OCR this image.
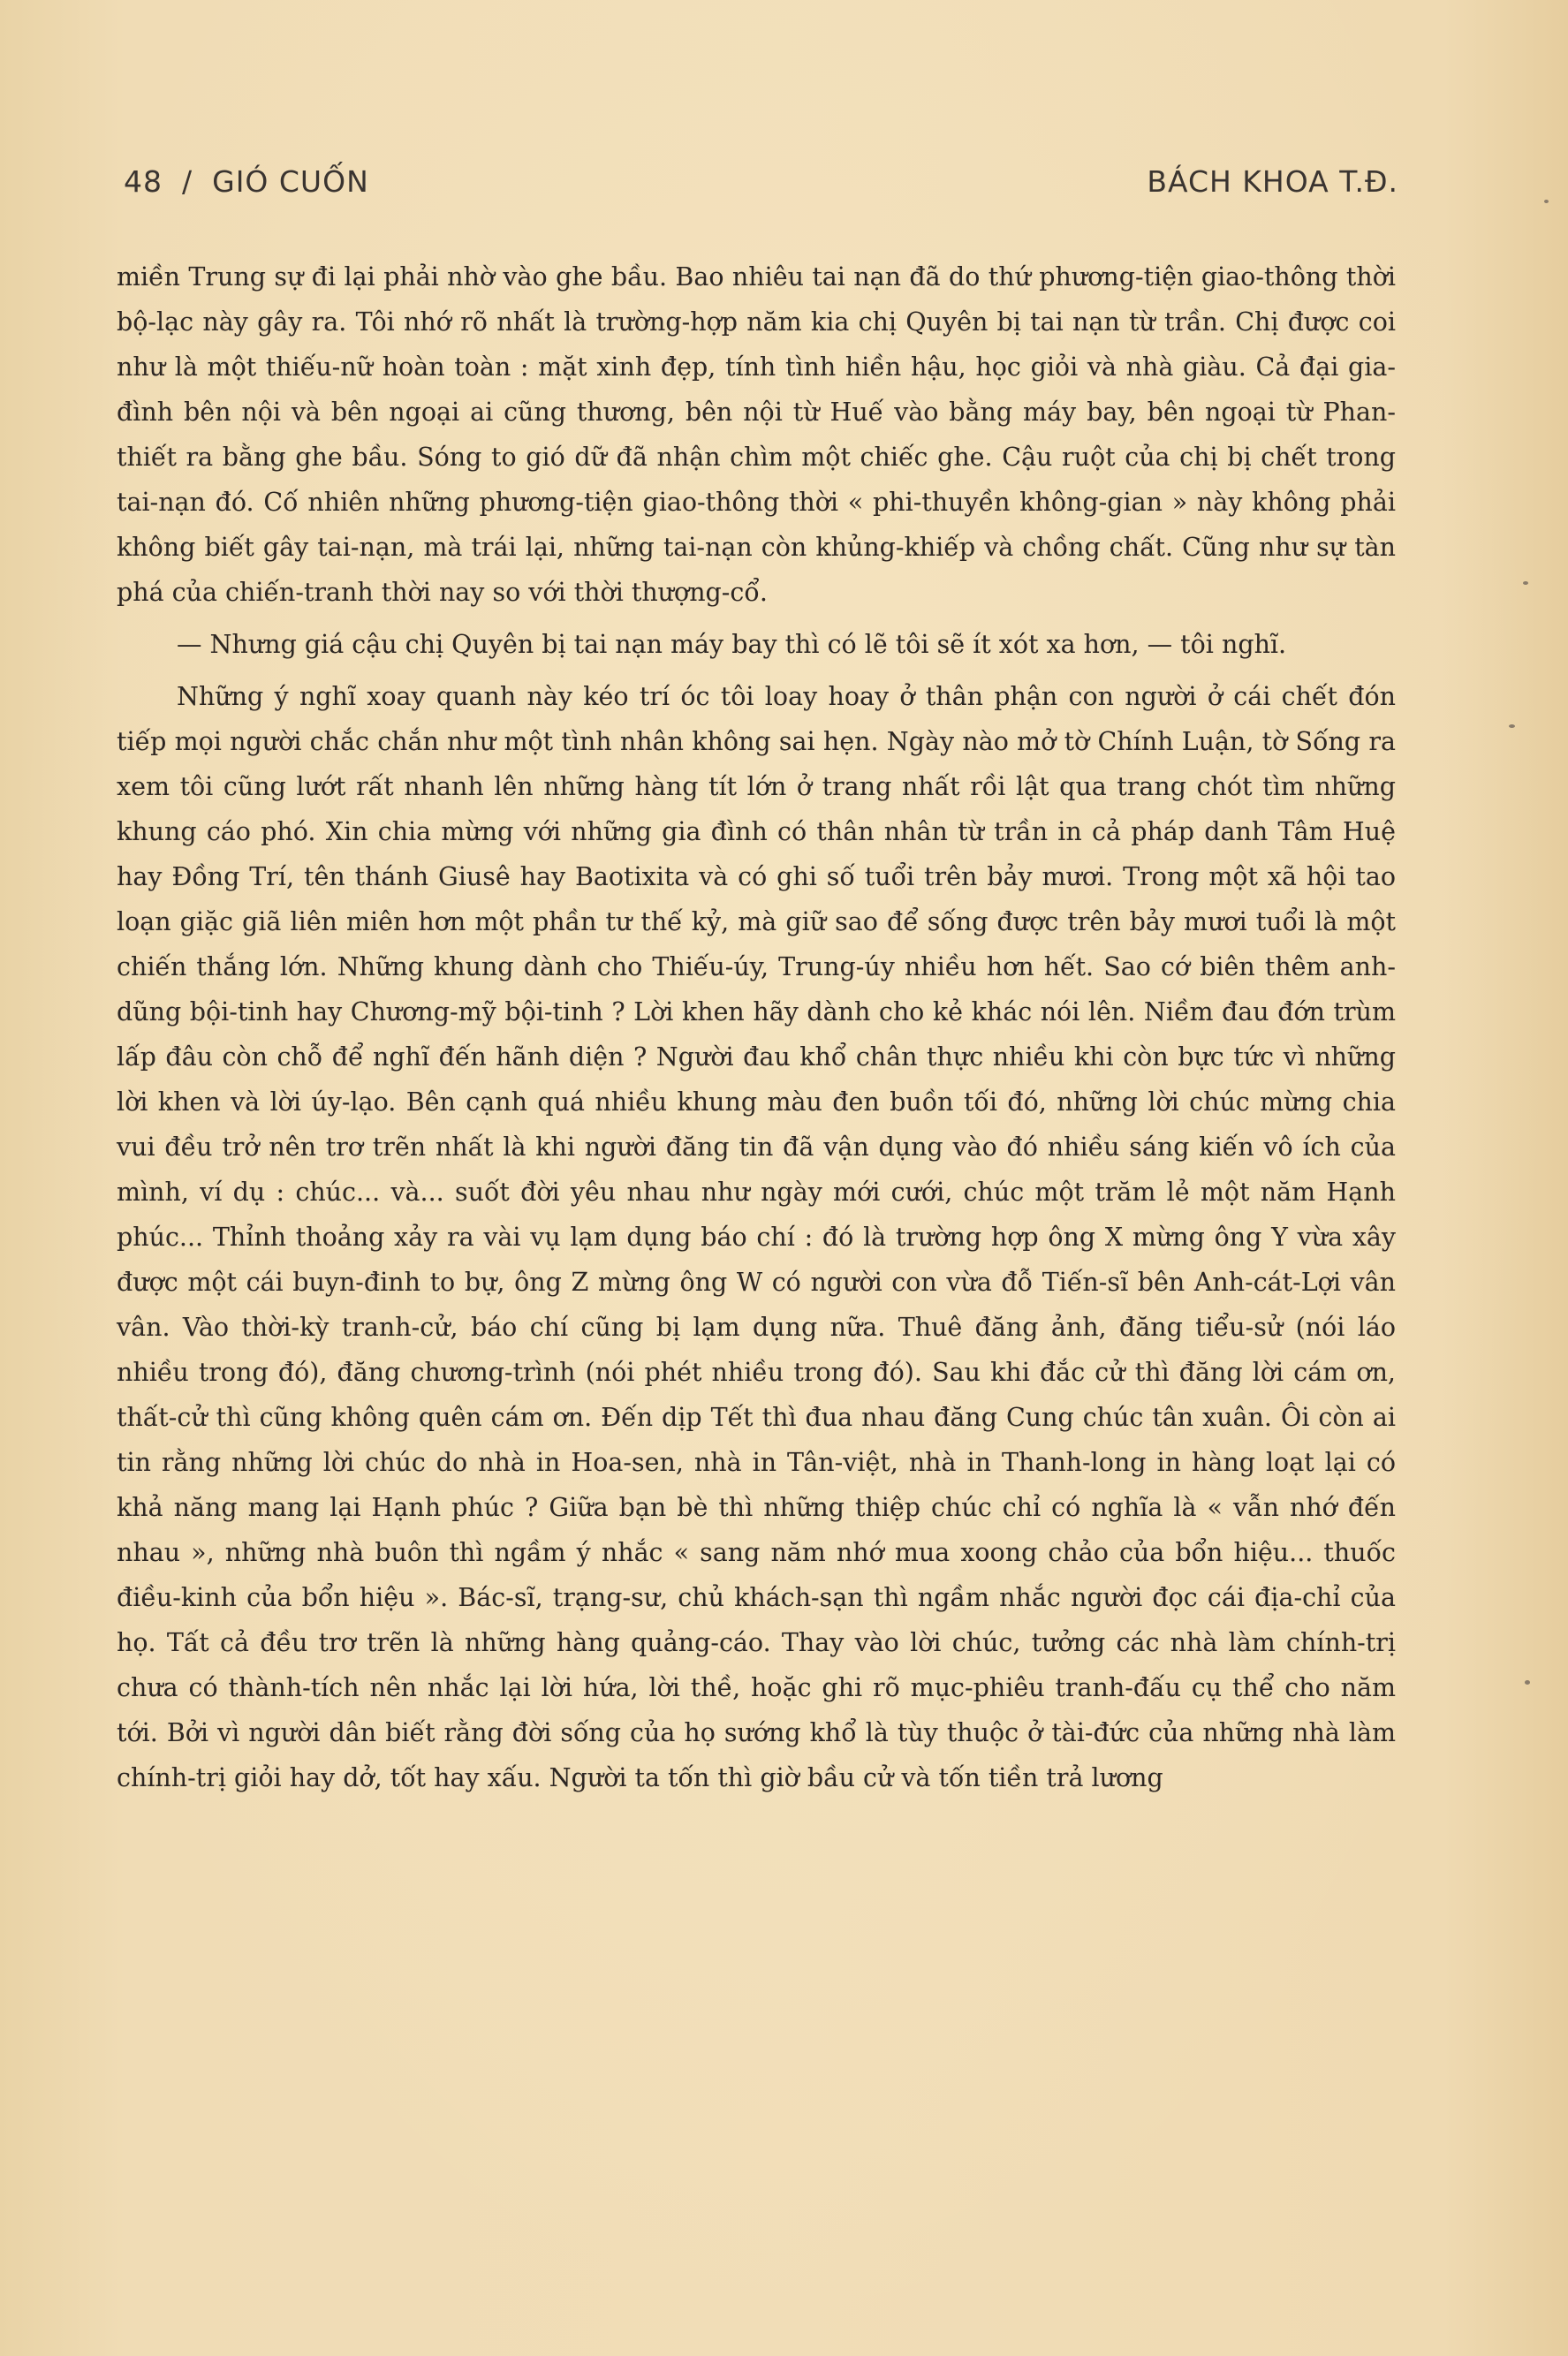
48 / GIÓ CUỐN	BÁCH KHOA T.Đ.

miền Trung sự đi lại phải nhờ vào ghe bầu. Bao nhiêu tai nạn đã do thứ phương-tiện giao-thông thời bộ-lạc này gây ra. Tôi nhớ rõ nhất là trường-hợp năm kia chị Quyên bị tai nạn từ trần. Chị được coi như là một thiếu-nữ hoàn toàn : mặt xinh đẹp, tính tình hiền hậu, học giỏi và nhà giàu. Cả đại gia-đình bên nội và bên ngoại ai cũng thương, bên nội từ Huế vào bằng máy bay, bên ngoại từ Phan-thiết ra bằng ghe bầu. Sóng to gió dữ đã nhận chìm một chiếc ghe. Cậu ruột của chị bị chết trong tai-nạn đó. Cố nhiên những phương-tiện giao-thông thời « phi-thuyền không-gian » này không phải không biết gây tai-nạn, mà trái lại, những tai-nạn còn khủng-khiếp và chồng chất. Cũng như sự tàn phá của chiến-tranh thời nay so với thời thượng-cổ.

— Nhưng giá cậu chị Quyên bị tai nạn máy bay thì có lẽ tôi sẽ ít xót xa hơn, — tôi nghĩ.

Những ý nghĩ xoay quanh này kéo trí óc tôi loay hoay ở thân phận con người ở cái chết đón tiếp mọi người chắc chắn như một tình nhân không sai hẹn. Ngày nào mở tờ Chính Luận, tờ Sống ra xem tôi cũng lướt rất nhanh lên những hàng tít lớn ở trang nhất rồi lật qua trang chót tìm những khung cáo phó. Xin chia mừng với những gia đình có thân nhân từ trần in cả pháp danh Tâm Huệ hay Đồng Trí, tên thánh Giusê hay Baotixita và có ghi số tuổi trên bảy mươi. Trong một xã hội tao loạn giặc giã liên miên hơn một phần tư thế kỷ, mà giữ sao để sống được trên bảy mươi tuổi là một chiến thắng lớn. Những khung dành cho Thiếu-úy, Trung-úy nhiều hơn hết. Sao cớ biên thêm anh-dũng bội-tinh hay Chương-mỹ bội-tinh ? Lời khen hãy dành cho kẻ khác nói lên. Niềm đau đớn trùm lấp đâu còn chỗ để nghĩ đến hãnh diện ? Người đau khổ chân thực nhiều khi còn bực tức vì những lời khen và lời úy-lạo. Bên cạnh quá nhiều khung màu đen buồn tối đó, những lời chúc mừng chia vui đều trở nên trơ trẽn nhất là khi người đăng tin đã vận dụng vào đó nhiều sáng kiến vô ích của mình, ví dụ : chúc... và... suốt đời yêu nhau như ngày mới cưới, chúc một trăm lẻ một năm Hạnh phúc... Thỉnh thoảng xảy ra vài vụ lạm dụng báo chí : đó là trường hợp ông X mừng ông Y vừa xây được một cái buyn-đinh to bự, ông Z mừng ông W có người con vừa đỗ Tiến-sĩ bên Anh-cát-Lợi vân vân. Vào thời-kỳ tranh-cử, báo chí cũng bị lạm dụng nữa. Thuê đăng ảnh, đăng tiểu-sử (nói láo nhiều trong đó), đăng chương-trình (nói phét nhiều trong đó). Sau khi đắc cử thì đăng lời cám ơn, thất-cử thì cũng không quên cám ơn. Đến dịp Tết thì đua nhau đăng Cung chúc tân xuân. Ôi còn ai tin rằng những lời chúc do nhà in Hoa-sen, nhà in Tân-việt, nhà in Thanh-long in hàng loạt lại có khả năng mang lại Hạnh phúc ? Giữa bạn bè thì những thiệp chúc chỉ có nghĩa là « vẫn nhớ đến nhau », những nhà buôn thì ngầm ý nhắc « sang năm nhớ mua xoong chảo của bổn hiệu... thuốc điều-kinh của bổn hiệu ». Bác-sĩ, trạng-sư, chủ khách-sạn thì ngầm nhắc người đọc cái địa-chỉ của họ. Tất cả đều trơ trẽn là những hàng quảng-cáo. Thay vào lời chúc, tưởng các nhà làm chính-trị chưa có thành-tích nên nhắc lại lời hứa, lời thề, hoặc ghi rõ mục-phiêu tranh-đấu cụ thể cho năm tới. Bởi vì người dân biết rằng đời sống của họ sướng khổ là tùy thuộc ở tài-đức của những nhà làm chính-trị giỏi hay dở, tốt hay xấu. Người ta tốn thì giờ bầu cử và tốn tiền trả lương
